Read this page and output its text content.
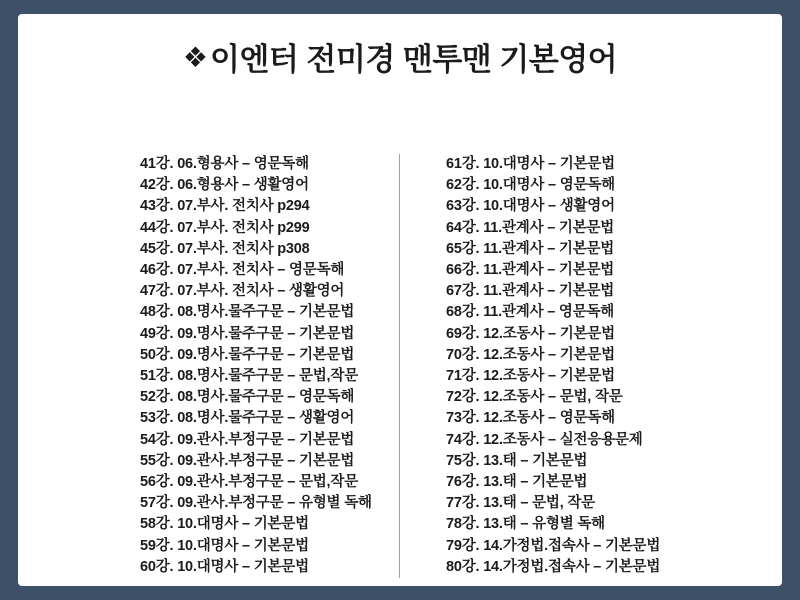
❖ 이엔터 전미경 맨투맨 기본영어
41강. 06.형용사 – 영문독해
42강. 06.형용사 – 생활영어
43강. 07.부사. 전치사 p294
44강. 07.부사. 전치사 p299
45강. 07.부사. 전치사 p308
46강. 07.부사. 전치사 – 영문독해
47강. 07.부사. 전치사 – 생활영어
48강. 08.명사.물주구문 – 기본문법
49강. 09.명사.물주구문 – 기본문법
50강. 09.명사.물주구문 – 기본문법
51강. 08.명사.물주구문 – 문법,작문
52강. 08.명사.물주구문 – 영문독해
53강. 08.명사.물주구문 – 생활영어
54강. 09.관사.부정구문 – 기본문법
55강. 09.관사.부정구문 – 기본문법
56강. 09.관사.부정구문 – 문법,작문
57강. 09.관사.부정구문 – 유형별 독해
58강. 10.대명사 – 기본문법
59강. 10.대명사 – 기본문법
60강. 10.대명사 – 기본문법
61강. 10.대명사 – 기본문법
62강. 10.대명사 – 영문독해
63강. 10.대명사 – 생활영어
64강. 11.관계사 – 기본문법
65강. 11.관계사 – 기본문법
66강. 11.관계사 – 기본문법
67강. 11.관계사 – 기본문법
68강. 11.관계사 – 영문독해
69강. 12.조동사 – 기본문법
70강. 12.조동사 – 기본문법
71강. 12.조동사 – 기본문법
72강. 12.조동사 – 문법, 작문
73강. 12.조동사 – 영문독해
74강. 12.조동사 – 실전응용문제
75강. 13.태 – 기본문법
76강. 13.태 – 기본문법
77강. 13.태 – 문법, 작문
78강. 13.태 – 유형별 독해
79강. 14.가정법.접속사 – 기본문법
80강. 14.가정법.접속사 – 기본문법
